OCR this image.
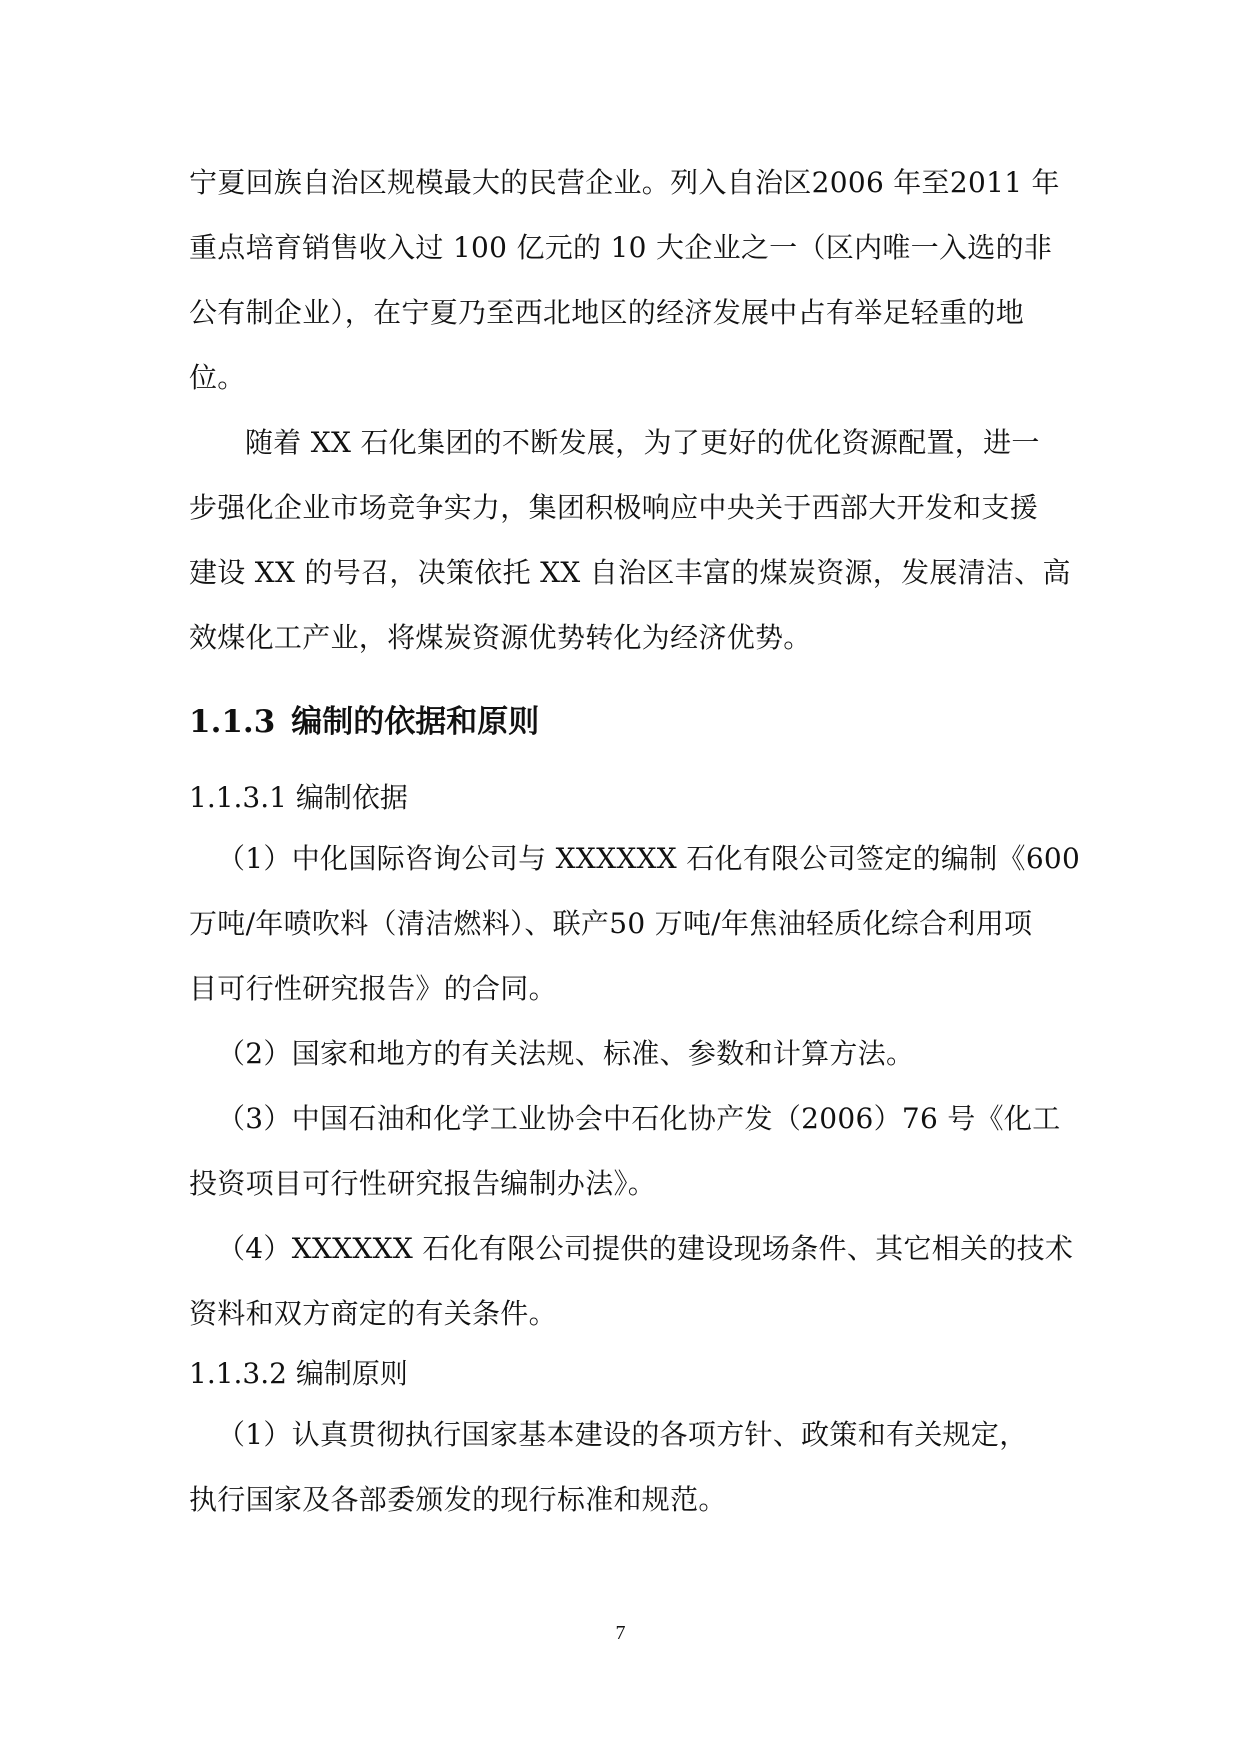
宁夏回族自治区规模最大的民营企业。列入自治区2006 年至2011 年
重点培育销售收入过 100 亿元的 10 大企业之一（区内唯一入选的非
公有制企业），在宁夏乃至西北地区的经济发展中占有举足轻重的地
位。
随着 XX 石化集团的不断发展，为了更好的优化资源配置，进一
步强化企业市场竞争实力，集团积极响应中央关于西部大开发和支援
建设 XX 的号召，决策依托 XX 自治区丰富的煤炭资源，发展清洁、高
效煤化工产业，将煤炭资源优势转化为经济优势。
1.1.3 编制的依据和原则
1.1.3.1 编制依据
（1）中化国际咨询公司与 XXXXXX 石化有限公司签定的编制《600
万吨/年喷吹料（清洁燃料）、联产50 万吨/年焦油轻质化综合利用项
目可行性研究报告》的合同。
（2）国家和地方的有关法规、标准、参数和计算方法。
（3）中国石油和化学工业协会中石化协产发（2006）76 号《化工
投资项目可行性研究报告编制办法》。
（4）XXXXXX 石化有限公司提供的建设现场条件、其它相关的技术
资料和双方商定的有关条件。
1.1.3.2 编制原则
（1）认真贯彻执行国家基本建设的各项方针、政策和有关规定，
执行国家及各部委颁发的现行标准和规范。
7
